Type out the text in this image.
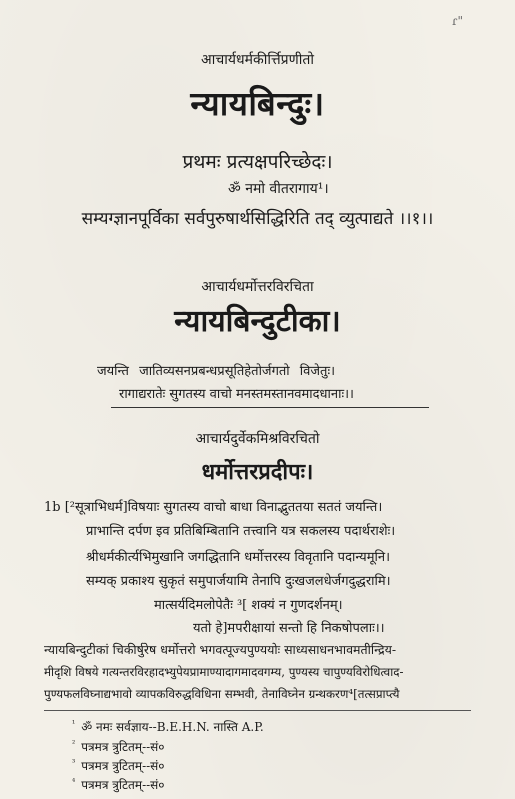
ɾ"
आचार्यधर्मकीर्त्तिप्रणीतो
न्यायबिन्दुः।
प्रथमः प्रत्यक्षपरिच्छेदः।
ॐ नमो वीतरागाय¹।
सम्यग्ज्ञानपूर्विका सर्वपुरुषार्थसिद्धिरिति तद् व्युत्पाद्यते ।।१।।
आचार्यधर्मोत्तरविरचिता
न्यायबिन्दुटीका।
जयन्ति जातिव्यसनप्रबन्धप्रसूतिहेतोर्जगतो विजेतुः।
रागाद्यरातेः सुगतस्य वाचो मनस्तमस्तानवमादधानाः।।
आचार्यदुर्वेकमिश्रविरचितो
धर्मोत्तरप्रदीपः।
1b [²सूत्राभिधर्म]विषयाः सुगतस्य वाचो बाधा विनाद्भुततया सततं जयन्ति।
प्राभान्ति दर्पण इव प्रतिबिम्बितानि तत्त्वानि यत्र सकलस्य पदार्थराशेः।
श्रीधर्मकीर्त्यभिमुखानि जगद्धितानि धर्मोत्तरस्य विवृतानि पदान्यमूनि।
सम्यक् प्रकाश्य सुकृतं समुपार्जयामि तेनापि दुःखजलधेर्जगदुद्धरामि।
मात्सर्यदिमलोपेतैः ³[ शक्यं न गुणदर्शनम्।
यतो हे]मपरीक्षायां सन्तो हि निकषोपलाः।।
न्यायबिन्दुटीकां चिकीर्षुरेष धर्मोत्तरो भगवत्पूज्यपुण्ययोः साध्यसाधनभावमतीन्द्रिय-
मीदृशि विषये गत्यन्तरविरहादभ्युपेयप्रामाण्यादागमादवगम्य, पुण्यस्य चापुण्यविरोधित्वाद-
पुण्यफलविघ्नाद्यभावो व्यापकविरुद्धविधिना सम्भवी, तेनाविघ्नेन ग्रन्थकरण⁴[तत्सप्राप्त्यै
$^{^1}$ ॐ नमः सर्वज्ञाय--B.E.H.N. नास्ति A.P.
$^{^2}$ पत्रमत्र त्रुटितम्--सं०
$^{^3}$ पत्रमत्र त्रुटितम्--सं०
$^{^4}$ पत्रमत्र त्रुटितम्--सं०
